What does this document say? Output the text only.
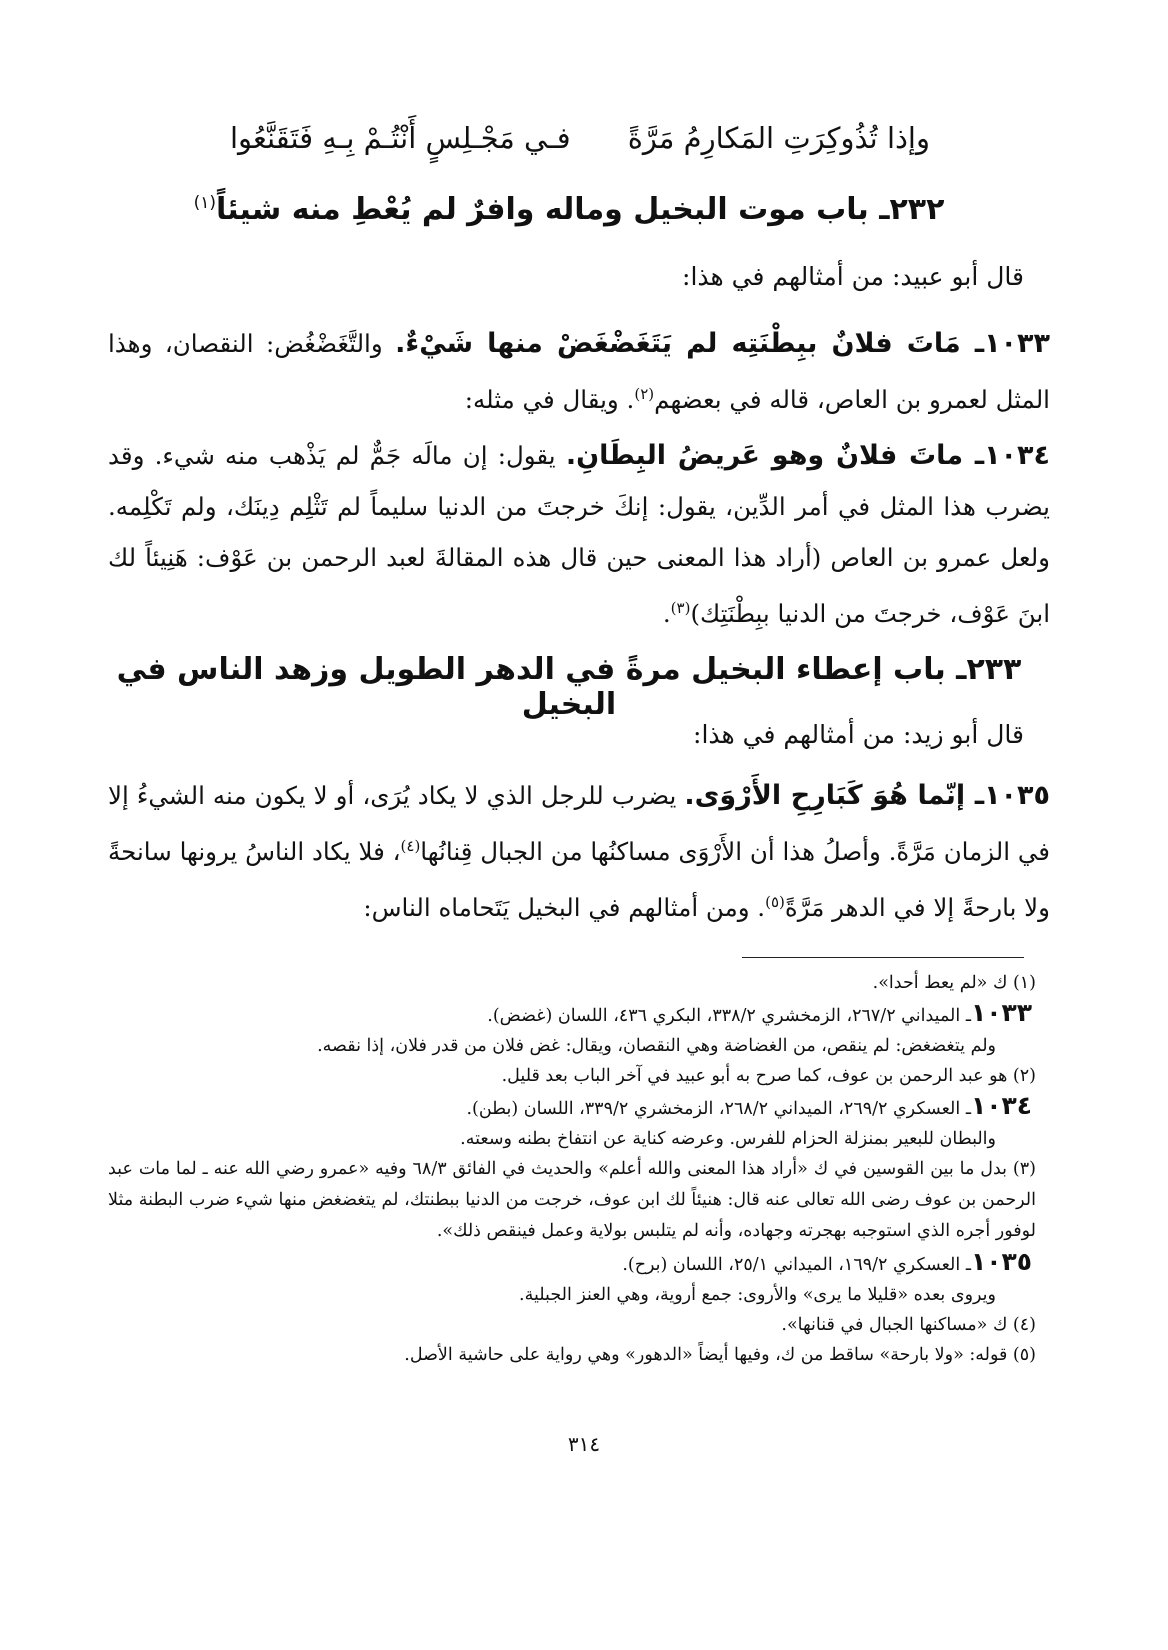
وإذا تُذُوكِرَتِ المَكارِمُ مَرَّةً
فـي مَجْـلِسٍ أَنْتُـمْ بِـهِ فَتَقَنَّعُوا
٢٣٢ـ باب موت البخيل وماله وافرٌ لم يُعْطِ منه شيئاً$^{(١)}$
قال أبو عبيد: من أمثالهم في هذا:
١٠٣٣ـ مَاتَ فلانٌ ببِطْنَتِه لم يَتَغَضْغَضْ منها شَيْءٌ. والتَّغَضْغُض: النقصان، وهذا المثل لعمرو بن العاص، قاله في بعضهم$^{(٢)}$. ويقال في مثله:
١٠٣٤ـ ماتَ فلانٌ وهو عَريضُ البِطَانِ. يقول: إن مالَه جَمٌّ لم يَذْهب منه شيء. وقد يضرب هذا المثل في أمر الدِّين، يقول: إنكَ خرجتَ من الدنيا سليماً لم تَثْلِم دِينَك، ولم تَكْلِمه. ولعل عمرو بن العاص (أراد هذا المعنى حين قال هذه المقالةَ لعبد الرحمن بن عَوْف: هَنِيئاً لك ابنَ عَوْف، خرجتَ من الدنيا ببِطْنَتِك)$^{(٣)}$.
٢٣٣ـ باب إعطاء البخيل مرةً في الدهر الطويل وزهد الناس في البخيل
قال أبو زيد: من أمثالهم في هذا:
١٠٣٥ـ إنّما هُوَ كَبَارِحِ الأَرْوَى. يضرب للرجل الذي لا يكاد يُرَى، أو لا يكون منه الشيءُ إلا في الزمان مَرَّةً. وأصلُ هذا أن الأَرْوَى مساكنُها من الجبال قِنانُها$^{(٤)}$، فلا يكاد الناسُ يرونها سانحةً ولا بارحةً إلا في الدهر مَرَّةً$^{(٥)}$. ومن أمثالهم في البخيل يَتَحاماه الناس:
(١) ك «لم يعط أحدا».
١٠٣٣ـ الميداني ٢٦٧/٢، الزمخشري ٣٣٨/٢، البكري ٤٣٦، اللسان (غضض).
ولم يتغضغض: لم ينقص، من الغضاضة وهي النقصان، ويقال: غض فلان من قدر فلان، إذا نقصه.
(٢) هو عبد الرحمن بن عوف، كما صرح به أبو عبيد في آخر الباب بعد قليل.
١٠٣٤ـ العسكري ٢٦٩/٢، الميداني ٢٦٨/٢، الزمخشري ٣٣٩/٢، اللسان (بطن).
والبطان للبعير بمنزلة الحزام للفرس. وعرضه كناية عن انتفاخ بطنه وسعته.
(٣) بدل ما بين القوسين في ك «أراد هذا المعنى والله أعلم» والحديث في الفائق ٦٨/٣ وفيه «عمرو رضي الله عنه ـ لما مات عبد الرحمن بن عوف رضى الله تعالى عنه قال: هنيئاً لك ابن عوف، خرجت من الدنيا ببطنتك، لم يتغضغض منها شيء ضرب البطنة مثلا لوفور أجره الذي استوجبه بهجرته وجهاده، وأنه لم يتلبس بولاية وعمل فينقص ذلك».
١٠٣٥ـ العسكري ١٦٩/٢، الميداني ٢٥/١، اللسان (برح).
ويروى بعده «قليلا ما يرى» والأروى: جمع أروية، وهي العنز الجبلية.
(٤) ك «مساكنها الجبال في قنانها».
(٥) قوله: «ولا بارحة» ساقط من ك، وفيها أيضاً «الدهور» وهي رواية على حاشية الأصل.
٣١٤
